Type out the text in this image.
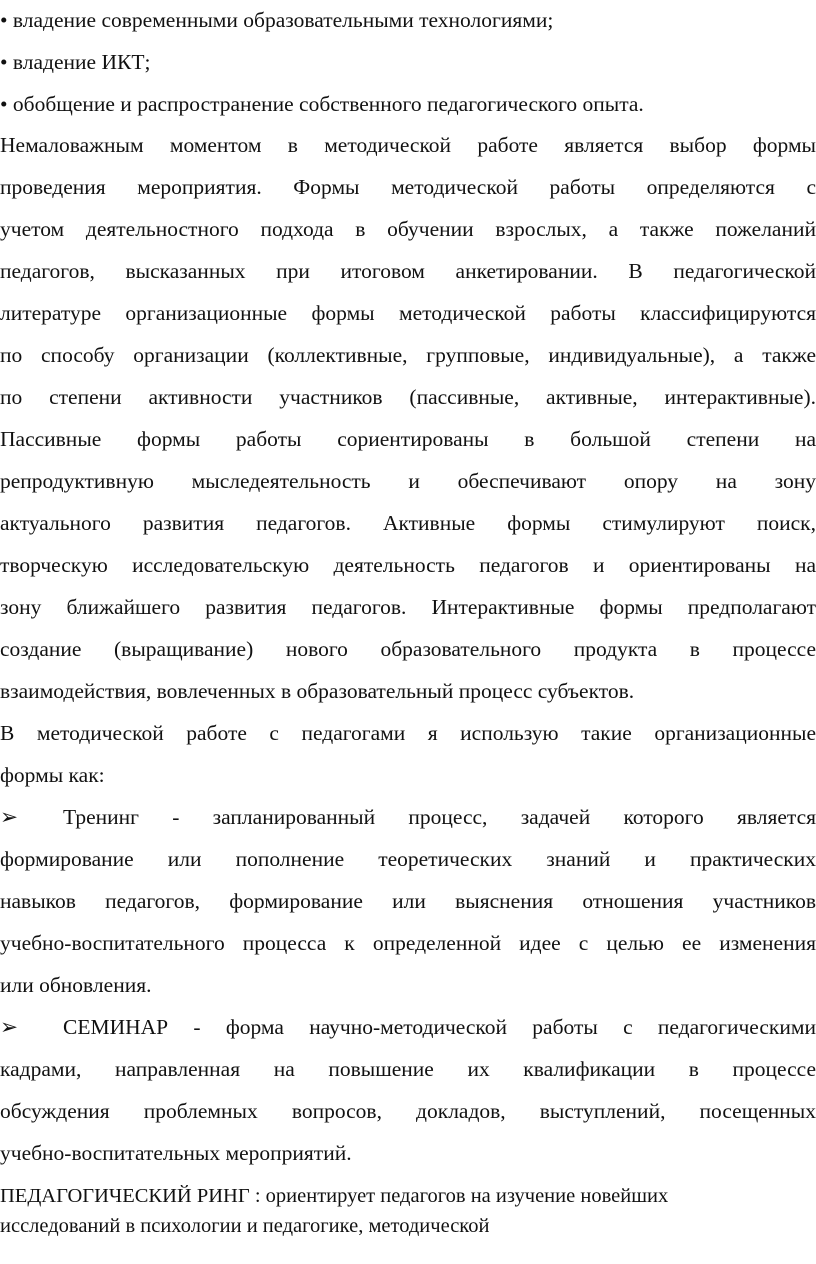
• владение современными образовательными технологиями;
• владение ИКТ;
• обобщение и распространение собственного педагогического опыта.
Немаловажным моментом в методической работе является выбор формы
проведения мероприятия. Формы методической работы определяются с
учетом деятельностного подхода в обучении взрослых, а также пожеланий
педагогов, высказанных при итоговом анкетировании. В педагогической
литературе организационные формы методической работы классифицируются
по способу организации (коллективные, групповые, индивидуальные), а также
по степени активности участников (пассивные, активные, интерактивные).
Пассивные формы работы сориентированы в большой степени на
репродуктивную мыследеятельность и обеспечивают опору на зону
актуального развития педагогов. Активные формы стимулируют поиск,
творческую исследовательскую деятельность педагогов и ориентированы на
зону ближайшего развития педагогов. Интерактивные формы предполагают
создание (выращивание) нового образовательного продукта в процессе
взаимодействия, вовлеченных в образовательный процесс субъектов.
В методической работе с педагогами я использую такие организационные
формы как:
➢	Тренинг - запланированный процесс, задачей которого является
формирование или пополнение теоретических знаний и практических
навыков педагогов, формирование или выяснения отношения участников
учебно-воспитательного процесса к определенной идее с целью ее изменения
или обновления.
➢	СЕМИНАР - форма научно-методической работы с педагогическими
кадрами, направленная на повышение их квалификации в процессе
обсуждения проблемных вопросов, докладов, выступлений, посещенных
учебно-воспитательных мероприятий.
ПЕДАГОГИЧЕСКИЙ РИНГ : ориентирует педагогов на изучение новейших
исследований в психологии и педагогике, методической
